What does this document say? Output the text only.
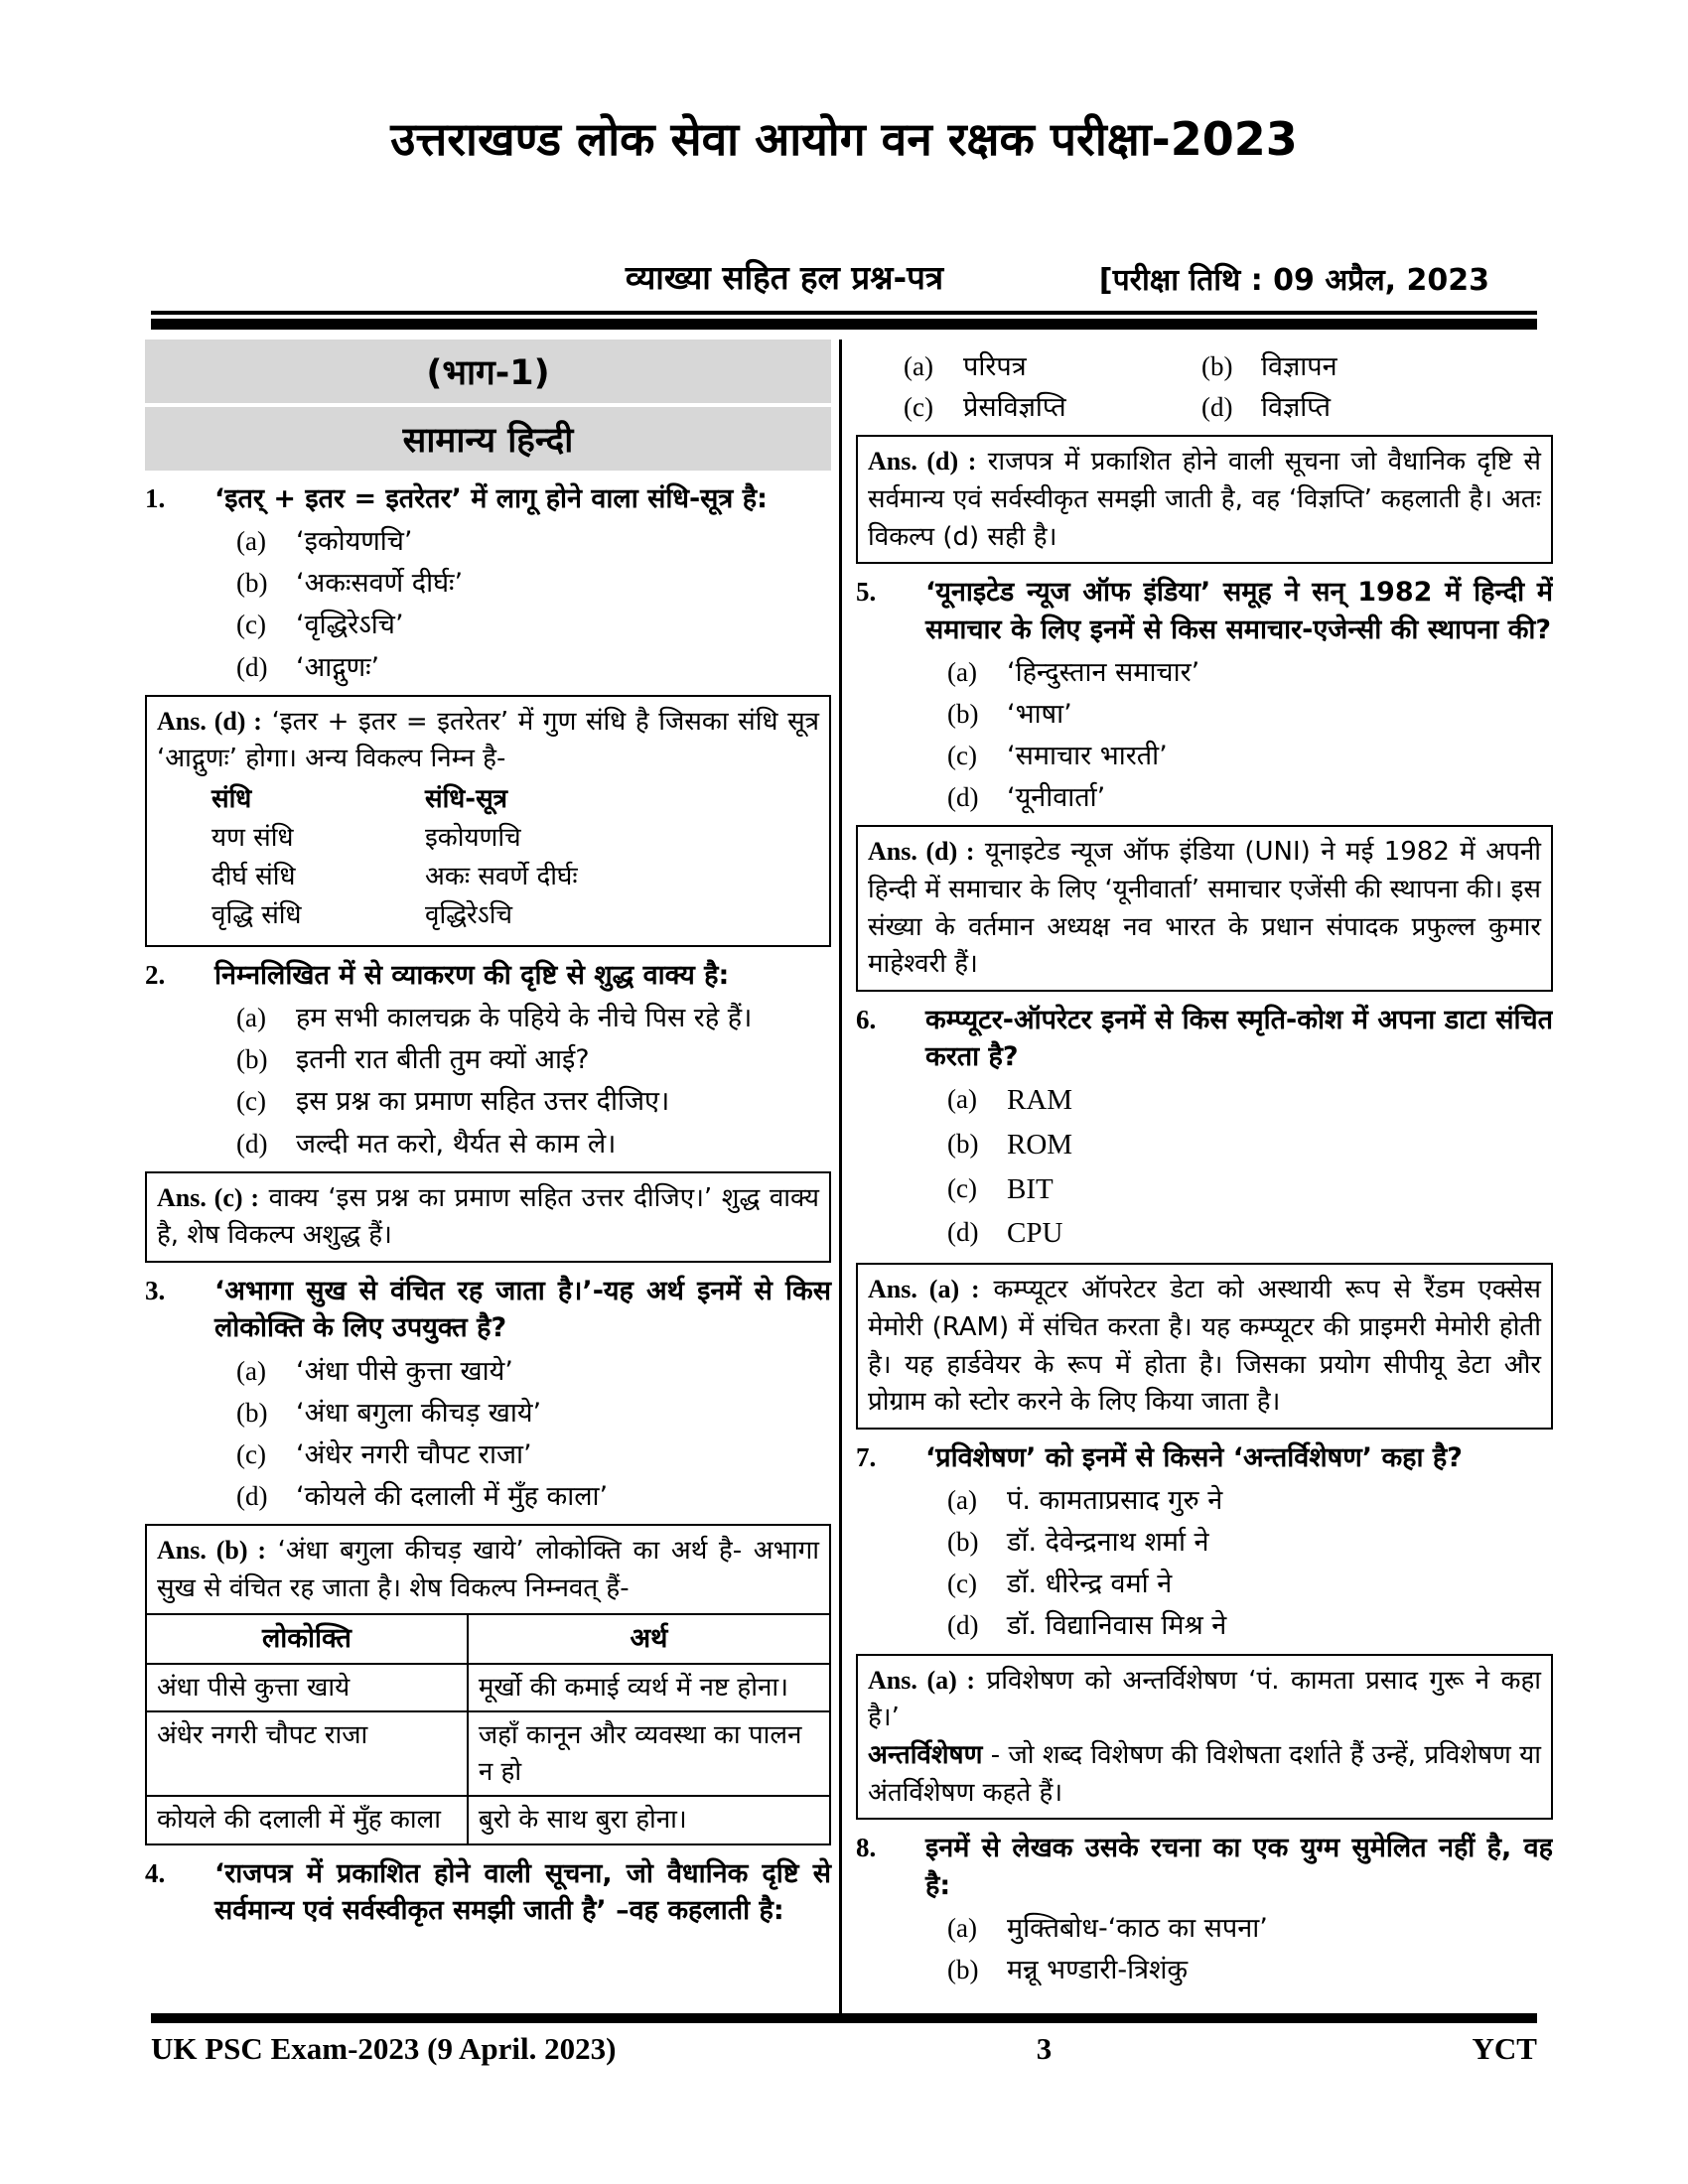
उत्तराखण्ड लोक सेवा आयोग वन रक्षक परीक्षा-2023
व्याख्या सहित हल प्रश्न-पत्र	[परीक्षा तिथि : 09 अप्रैल, 2023
(भाग-1)
सामान्य हिन्दी
1.	‘इतर् + इतर = इतरेतर’ में लागू होने वाला संधि-सूत्र है:
(a)	‘इकोयणचि’
(b)	‘अकःसवर्णे दीर्घः’
(c)	‘वृद्धिरेऽचि’
(d)	‘आद्गुणः’
Ans. (d) : ‘इतर + इतर = इतरेतर’ में गुण संधि है जिसका संधि सूत्र ‘आद्गुणः’ होगा। अन्य विकल्प निम्न है-
संधि	संधि-सूत्र
यण संधि	इकोयणचि
दीर्घ संधि	अकः सवर्णे दीर्घः
वृद्धि संधि	वृद्धिरेऽचि
2.	निम्नलिखित में से व्याकरण की दृष्टि से शुद्ध वाक्य है:
(a)	हम सभी कालचक्र के पहिये के नीचे पिस रहे हैं।
(b)	इतनी रात बीती तुम क्यों आई?
(c)	इस प्रश्न का प्रमाण सहित उत्तर दीजिए।
(d)	जल्दी मत करो, थैर्यत से काम ले।
Ans. (c) : वाक्य ‘इस प्रश्न का प्रमाण सहित उत्तर दीजिए।’ शुद्ध वाक्य है, शेष विकल्प अशुद्ध हैं।
3.	‘अभागा सुख से वंचित रह जाता है।’-यह अर्थ इनमें से किस लोकोक्ति के लिए उपयुक्त है?
(a)	‘अंधा पीसे कुत्ता खाये’
(b)	‘अंधा बगुला कीचड़ खाये’
(c)	‘अंधेर नगरी चौपट राजा’
(d)	‘कोयले की दलाली में मुँह काला’
Ans. (b) : ‘अंधा बगुला कीचड़ खाये’ लोकोक्ति का अर्थ है- अभागा सुख से वंचित रह जाता है। शेष विकल्प निम्नवत् हैं-
लोकोक्ति	अर्थ
अंधा पीसे कुत्ता खाये	मूर्खो की कमाई व्यर्थ में नष्ट होना।
अंधेर नगरी चौपट राजा	जहाँ कानून और व्यवस्था का पालन न हो
कोयले की दलाली में मुँह काला	बुरो के साथ बुरा होना।
4.	‘राजपत्र में प्रकाशित होने वाली सूचना, जो वैधानिक दृष्टि से सर्वमान्य एवं सर्वस्वीकृत समझी जाती है’ –वह कहलाती है:
(a)	परिपत्र	(b)	विज्ञापन
(c)	प्रेसविज्ञप्ति	(d)	विज्ञप्ति
Ans. (d) : राजपत्र में प्रकाशित होने वाली सूचना जो वैधानिक दृष्टि से सर्वमान्य एवं सर्वस्वीकृत समझी जाती है, वह ‘विज्ञप्ति’ कहलाती है। अतः विकल्प (d) सही है।
5.	‘यूनाइटेड न्यूज ऑफ इंडिया’ समूह ने सन् 1982 में हिन्दी में समाचार के लिए इनमें से किस समाचार-एजेन्सी की स्थापना की?
(a)	‘हिन्दुस्तान समाचार’
(b)	‘भाषा’
(c)	‘समाचार भारती’
(d)	‘यूनीवार्ता’
Ans. (d) : यूनाइटेड न्यूज ऑफ इंडिया (UNI) ने मई 1982 में अपनी हिन्दी में समाचार के लिए ‘यूनीवार्ता’ समाचार एजेंसी की स्थापना की। इस संख्या के वर्तमान अध्यक्ष नव भारत के प्रधान संपादक प्रफुल्ल कुमार माहेश्वरी हैं।
6.	कम्प्यूटर-ऑपरेटर इनमें से किस स्मृति-कोश में अपना डाटा संचित करता है?
(a)	RAM
(b) ROM
(c)	BIT
(d) CPU
Ans. (a) : कम्प्यूटर ऑपरेटर डेटा को अस्थायी रूप से रैंडम एक्सेस मेमोरी (RAM) में संचित करता है। यह कम्प्यूटर की प्राइमरी मेमोरी होती है। यह हार्डवेयर के रूप में होता है। जिसका प्रयोग सीपीयू डेटा और प्रोग्राम को स्टोर करने के लिए किया जाता है।
7.	‘प्रविशेषण’ को इनमें से किसने ‘अन्तर्विशेषण’ कहा है?
(a)	पं. कामताप्रसाद गुरु ने
(b)	डॉ. देवेन्द्रनाथ शर्मा ने
(c)	डॉ. धीरेन्द्र वर्मा ने
(d)	डॉ. विद्यानिवास मिश्र ने
Ans. (a) : प्रविशेषण को अन्तर्विशेषण ‘पं. कामता प्रसाद गुरू ने कहा है।’
अन्तर्विशेषण - जो शब्द विशेषण की विशेषता दर्शाते हैं उन्हें, प्रविशेषण या अंतर्विशेषण कहते हैं।
8.	इनमें से लेखक उसके रचना का एक युग्म सुमेलित नहीं है, वह है:
(a)	मुक्तिबोध-‘काठ का सपना’
(b)	मन्नू भण्डारी-त्रिशंकु
UK PSC Exam-2023 (9 April. 2023)	3	YCT
